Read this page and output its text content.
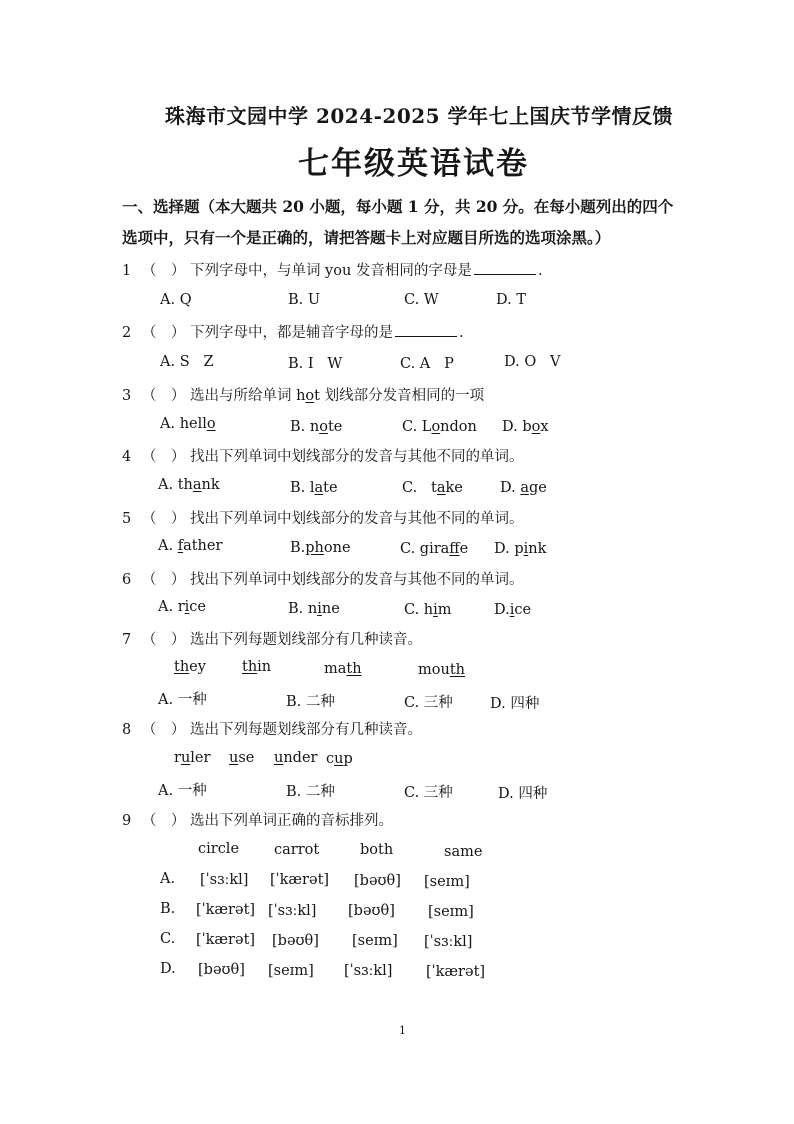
珠海市文园中学 2024-2025 学年七上国庆节学情反馈
七年级英语试卷
一、选择题（本大题共 20 小题，每小题 1 分，共 20 分。在每小题列出的四个
选项中，只有一个是正确的，请把答题卡上对应题目所选的选项涂黑。）
1 （　） 下列字母中，与单词 you 发音相同的字母是	.
A. Q	B. U	C. W	D. T
2 （　） 下列字母中，都是辅音字母的是	.
A. S   Z	B. I   W	C. A   P	D. O   V
3 （　） 选出与所给单词 hot 划线部分发音相同的一项
A. hello	B. note	C. London D. box
4 （　） 找出下列单词中划线部分的发音与其他不同的单词。
A. thank	B. late	C.   take	D. age
5 （　） 找出下列单词中划线部分的发音与其他不同的单词。
A. father	B.phone	C. giraffe D. pink
6 （　） 找出下列单词中划线部分的发音与其他不同的单词。
A. rice	B. nine	C. him	D.ice
7 （　） 选出下列每题划线部分有几种读音。
they thin	math	mouth
A. 一种	B. 二种	C. 三种	D. 四种
8 （　） 选出下列每题划线部分有几种读音。
ruler use under cup
A. 一种	B. 二种	C. 三种	D. 四种
9 （　） 选出下列单词正确的音标排列。
circle carrot	both	same
A. [ˈsɜːkl] [ˈkærət] [bəʊθ] [seɪm]
B. [ˈkærət] [ˈsɜːkl] [bəʊθ] [seɪm]
C. [ˈkærət] [bəʊθ] [seɪm] [ˈsɜːkl]
D. [bəʊθ] [seɪm] [ˈsɜːkl] [ˈkærət]
1
